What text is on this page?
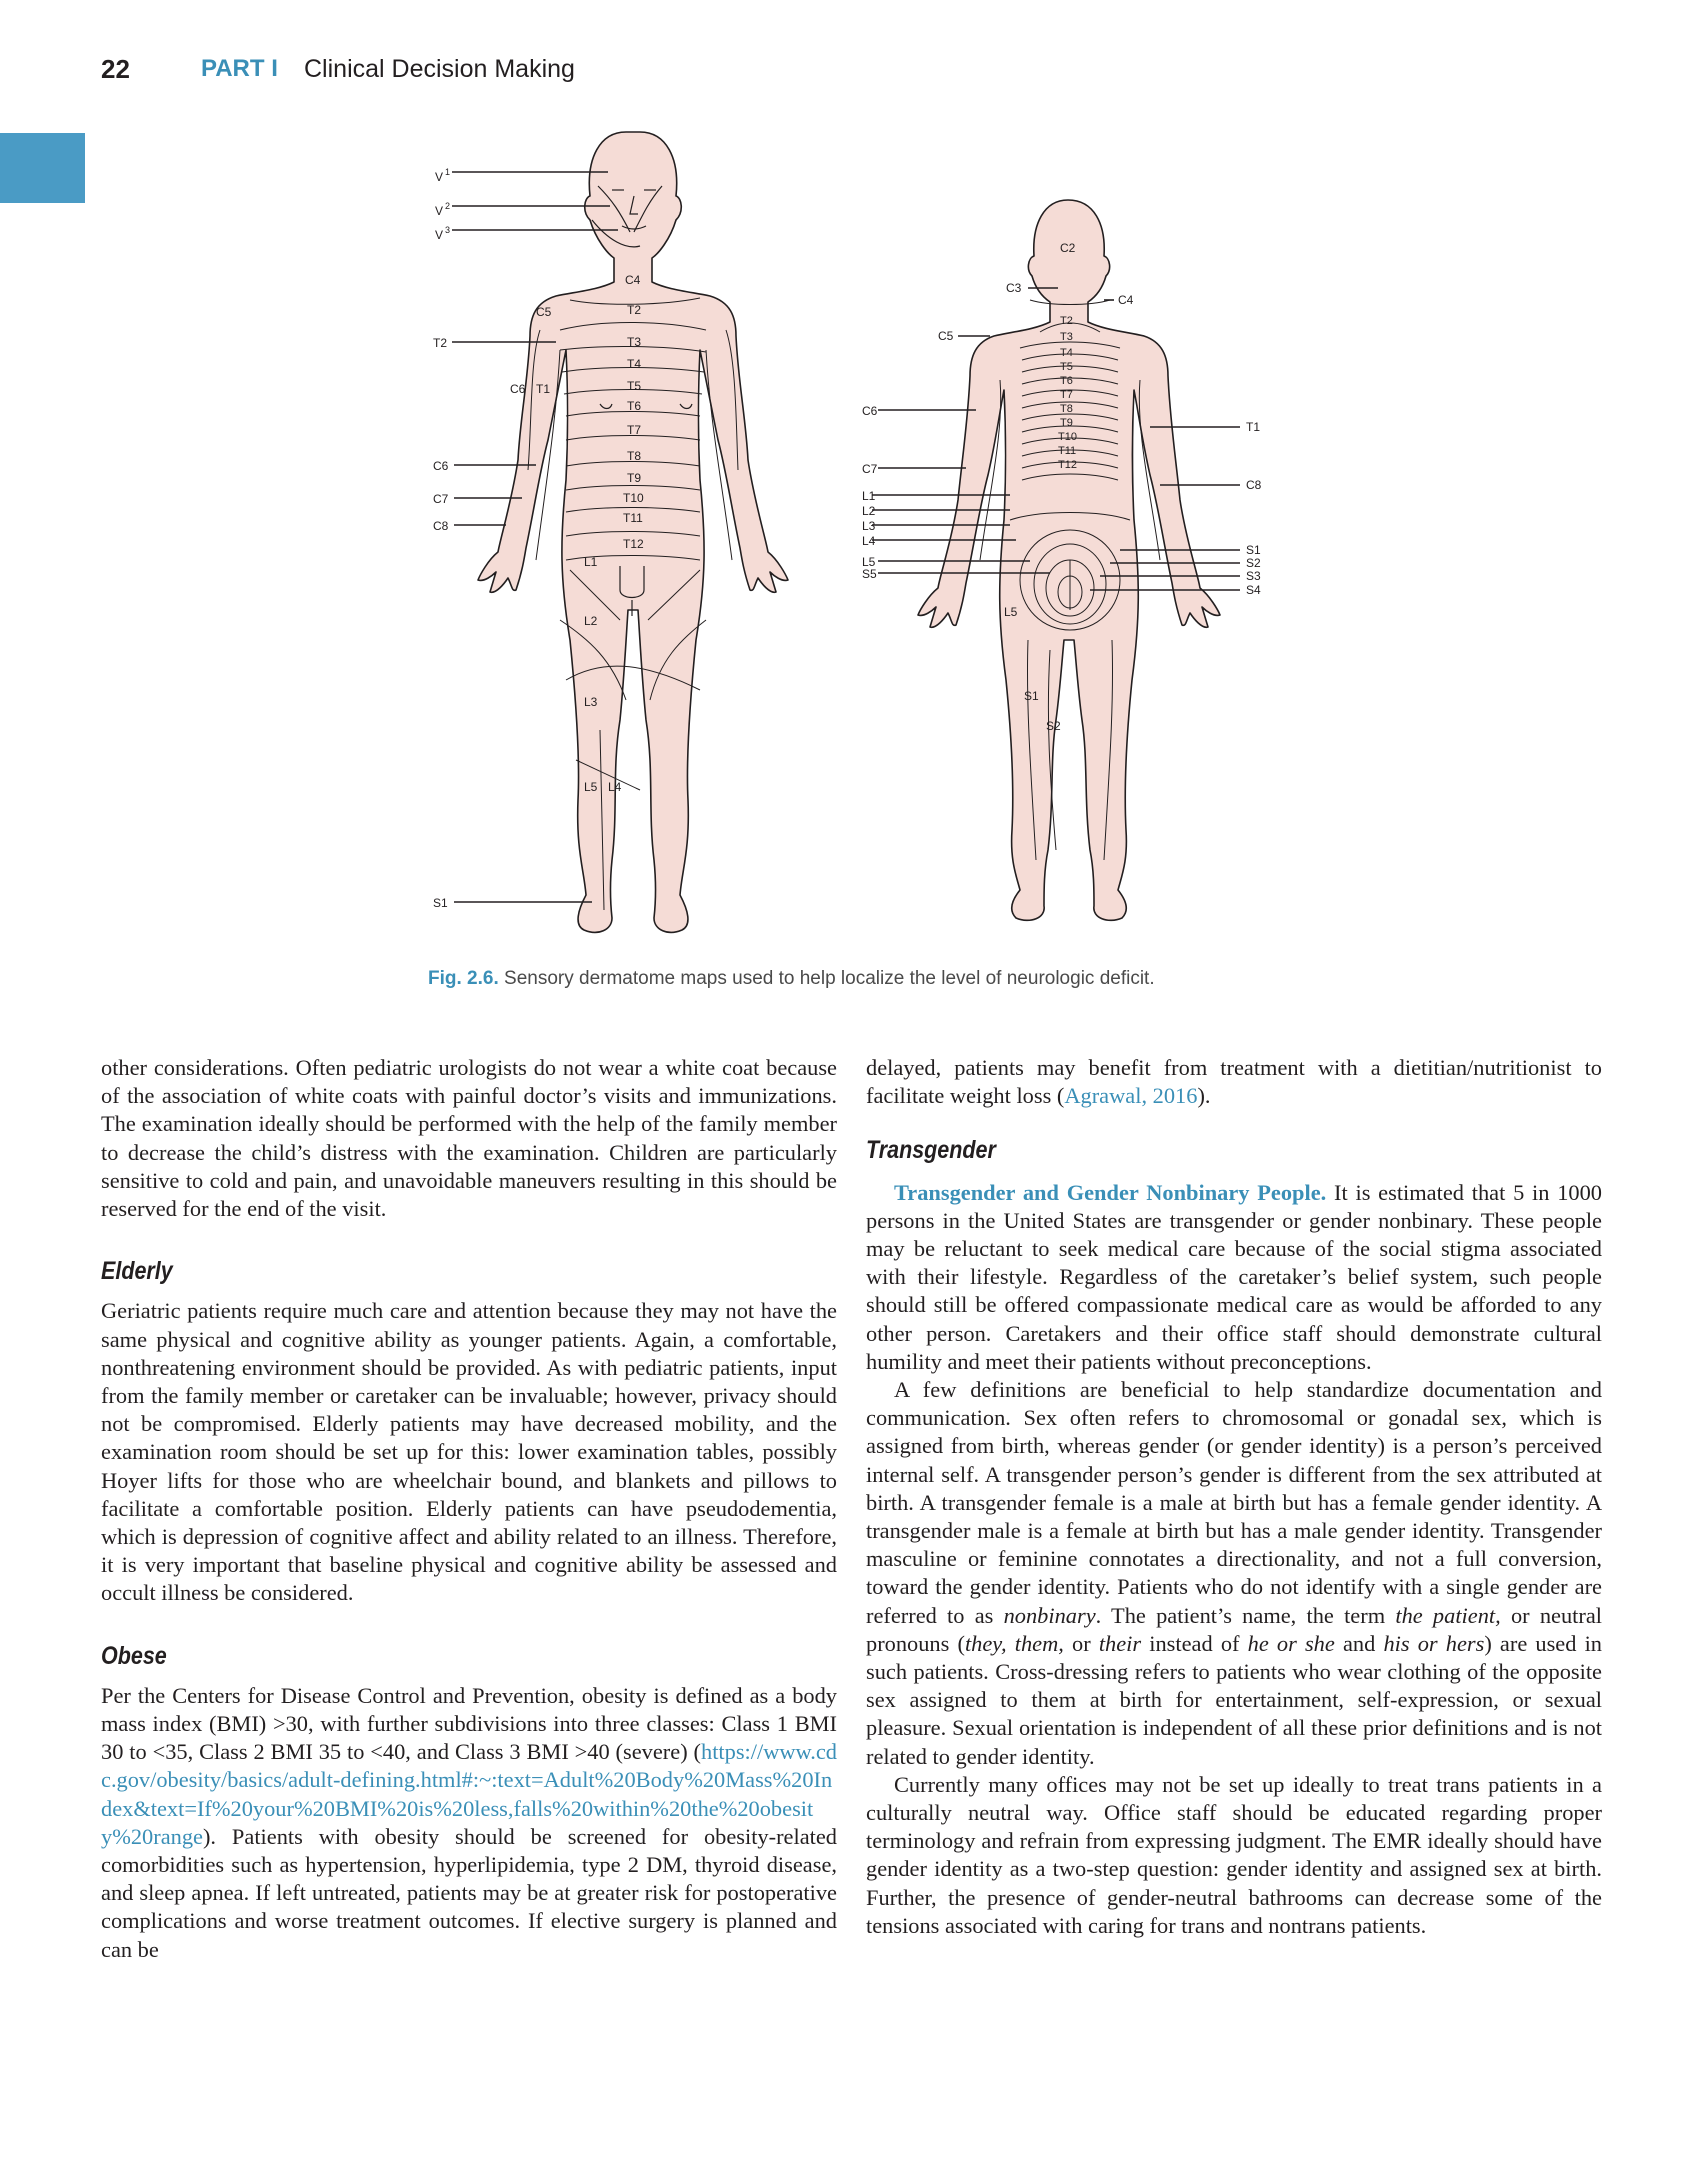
22	PART I Clinical Decision Making
V 1
V 2
V 3
T2
C6
C7
C8
S1
C4
C5	T2
T3
T4
T5
T6
T7
T8
T9
T10
T11
T12
C6 T1
L1
L2
L3
L5 L4
C2
C3
C4
C5
C6
C7
L1
L2
L3
L4
L5
S5
T1
C8
S1
S2
S3
S4
T2
T3
T4
T5
T6
T7
T8
T9
T10
T11
T12
L5
S1
S2
Fig. 2.6. Sensory dermatome maps used to help localize the level of neurologic deficit.

other considerations. Often pediatric urologists do not wear a white coat because of the association of white coats with painful doctor’s visits and immunizations. The examination ideally should be performed with the help of the family member to decrease the child’s distress with the examination. Children are particularly sensitive to cold and pain, and unavoidable maneuvers resulting in this should be reserved for the end of the visit.

Elderly

Geriatric patients require much care and attention because they may not have the same physical and cognitive ability as younger patients. Again, a comfortable, nonthreatening environment should be provided. As with pediatric patients, input from the family member or caretaker can be invaluable; however, privacy should not be compromised. Elderly patients may have decreased mobility, and the examination room should be set up for this: lower examination tables, possibly Hoyer lifts for those who are wheelchair bound, and blankets and pillows to facilitate a comfortable position. Elderly patients can have pseudodementia, which is depression of cognitive affect and ability related to an illness. Therefore, it is very important that baseline physical and cognitive ability be assessed and occult illness be considered.

Obese

Per the Centers for Disease Control and Prevention, obesity is defined as a body mass index (BMI) >30, with further subdivisions into three classes: Class 1 BMI 30 to <35, Class 2 BMI 35 to <40, and Class 3 BMI >40 (severe) (https://www.cdc.gov/obesity/basics/adult-defining.html#:~:text=Adult%20Body%20Mass%20Index&text=If%20your%20BMI%20is%20less,falls%20within%20the%20obesity%20range). Patients with obesity should be screened for obesity-related comorbidities such as hypertension, hyperlipidemia, type 2 DM, thyroid disease, and sleep apnea. If left untreated, patients may be at greater risk for postoperative complications and worse treatment outcomes. If elective surgery is planned and can be

delayed, patients may benefit from treatment with a dietitian/nutritionist to facilitate weight loss (Agrawal, 2016).

Transgender

Transgender and Gender Nonbinary People. It is estimated that 5 in 1000 persons in the United States are transgender or gender nonbinary. These people may be reluctant to seek medical care because of the social stigma associated with their lifestyle. Regardless of the caretaker’s belief system, such people should still be offered compassionate medical care as would be afforded to any other person. Caretakers and their office staff should demonstrate cultural humility and meet their patients without preconceptions.

A few definitions are beneficial to help standardize documentation and communication. Sex often refers to chromosomal or gonadal sex, which is assigned from birth, whereas gender (or gender identity) is a person’s perceived internal self. A transgender person’s gender is different from the sex attributed at birth. A transgender female is a male at birth but has a female gender identity. A transgender male is a female at birth but has a male gender identity. Transgender masculine or feminine connotates a directionality, and not a full conversion, toward the gender identity. Patients who do not identify with a single gender are referred to as nonbinary. The patient’s name, the term the patient, or neutral pronouns (they, them, or their instead of he or she and his or hers) are used in such patients. Cross-dressing refers to patients who wear clothing of the opposite sex assigned to them at birth for entertainment, self-expression, or sexual pleasure. Sexual orientation is independent of all these prior definitions and is not related to gender identity.

Currently many offices may not be set up ideally to treat trans patients in a culturally neutral way. Office staff should be educated regarding proper terminology and refrain from expressing judgment. The EMR ideally should have gender identity as a two-step question: gender identity and assigned sex at birth. Further, the presence of gender-neutral bathrooms can decrease some of the tensions associated with caring for trans and nontrans patients.
